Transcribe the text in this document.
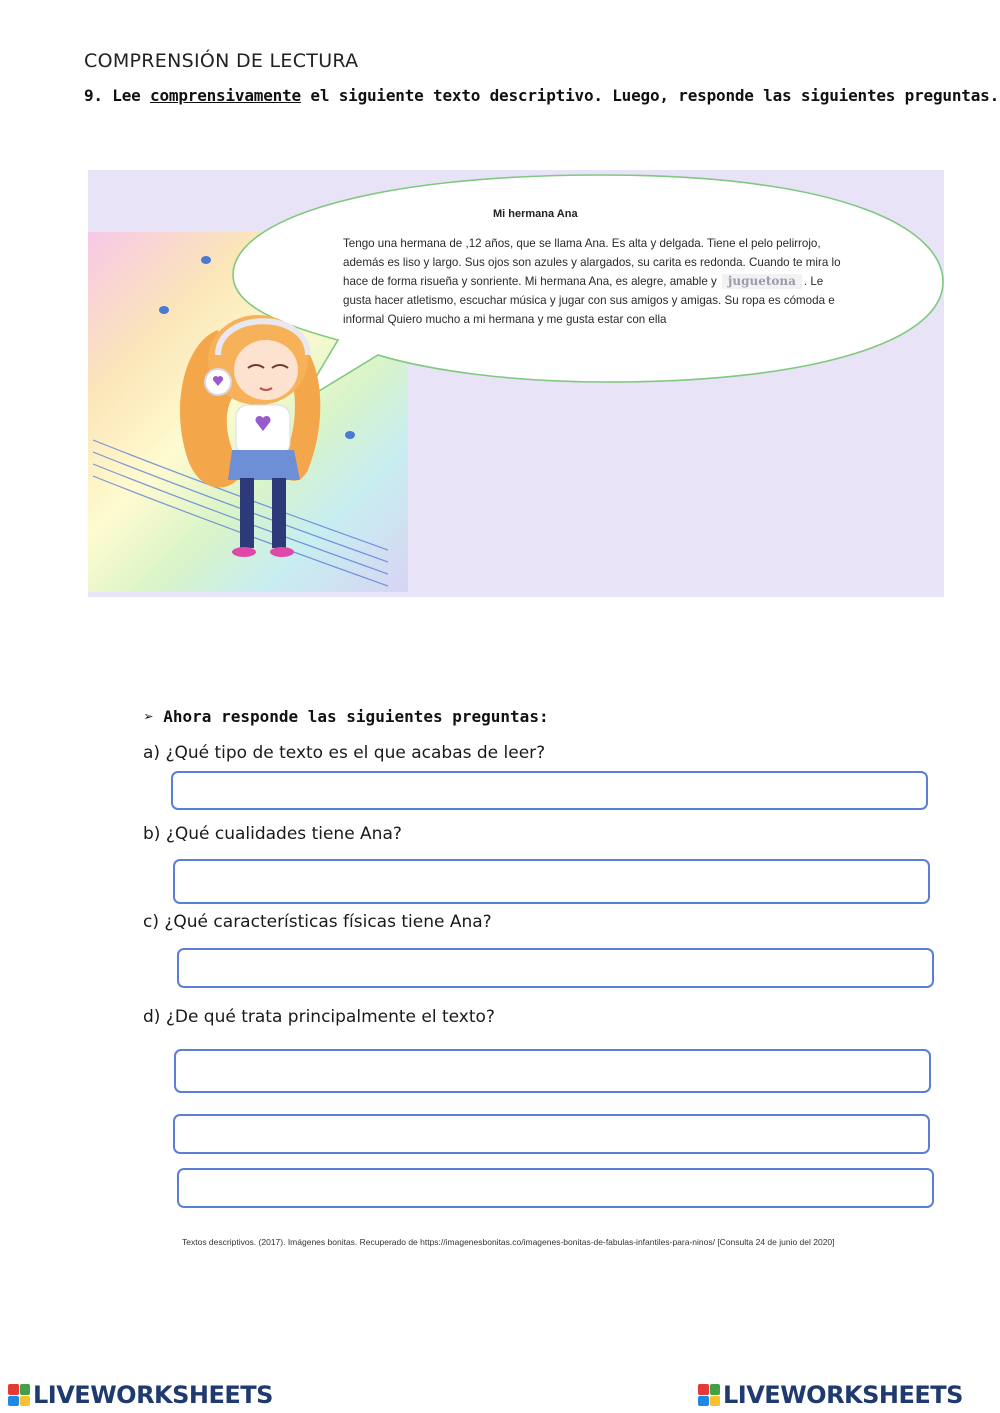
COMPRENSIÓN DE LECTURA
9. Lee comprensivamente el siguiente texto descriptivo. Luego, responde las siguientes preguntas.
Mi hermana Ana
Tengo una hermana de ,12 años, que se llama Ana. Es alta y delgada. Tiene el pelo pelirrojo, además es liso y largo. Sus ojos son azules y alargados, su carita es redonda. Cuando te mira lo hace de forma risueña y sonriente. Mi hermana Ana, es alegre, amable y juguetona . Le gusta hacer atletismo, escuchar música y jugar con sus amigos y amigas. Su ropa es cómoda e informal Quiero mucho a mi hermana y me gusta estar con ella
➢ Ahora responde las siguientes preguntas:
a) ¿Qué tipo de texto es el que acabas de leer?
b) ¿Qué cualidades tiene Ana?
c) ¿Qué características físicas tiene Ana?
d) ¿De qué trata principalmente el texto?
Textos descriptivos. (2017). Imágenes bonitas. Recuperado de https://imagenesbonitas.co/imagenes-bonitas-de-fabulas-infantiles-para-ninos/ [Consulta 24 de junio del 2020]
LIVEWORKSHEETS	LIVEWORKSHEETS
